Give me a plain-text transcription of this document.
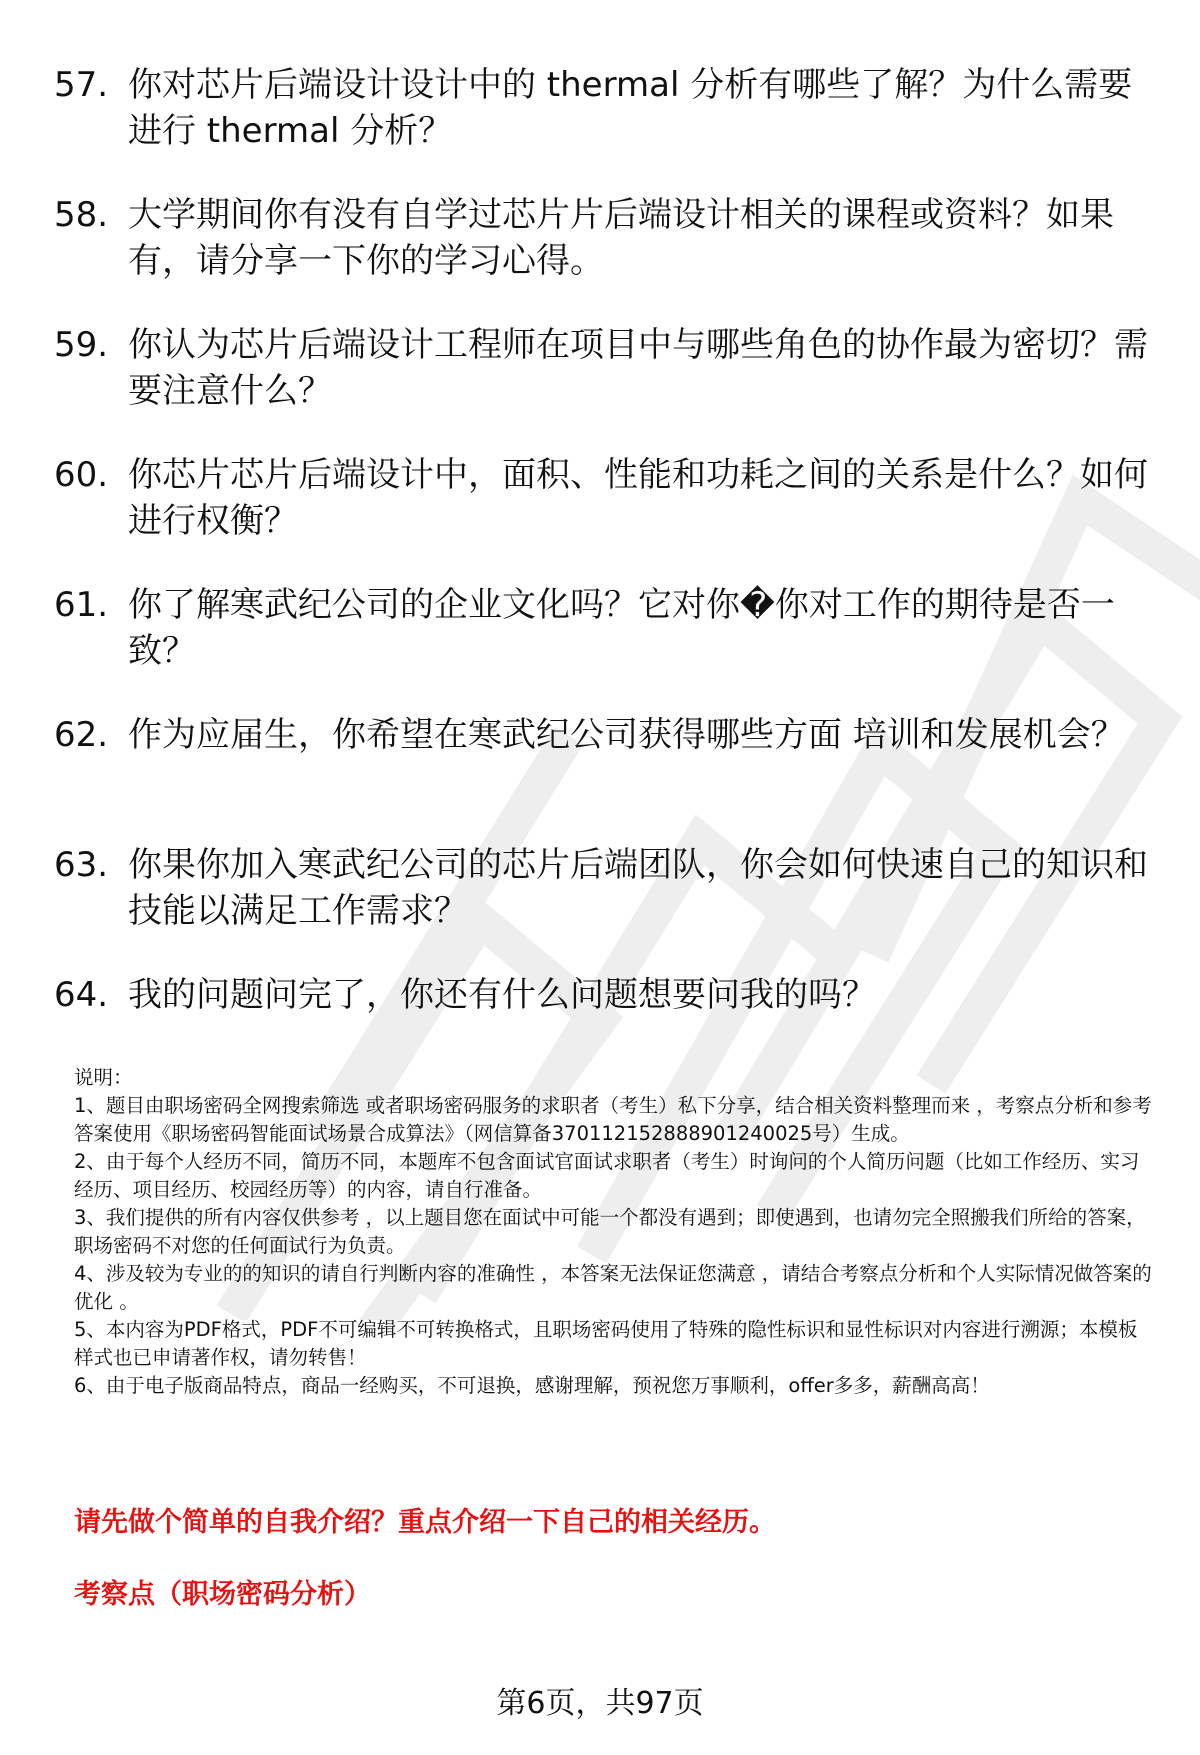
57. 你对芯片后端设计设计中的 thermal 分析有哪些了解？为什么需要进行 thermal 分析？
58. 大学期间你有没有自学过芯片片后端设计相关的课程或资料？如果有，请分享一下你的学习心得。
59. 你认为芯片后端设计工程师在项目中与哪些角色的协作最为密切？需要注意什么？
60. 你芯片芯片后端设计中，面积、性能和功耗之间的关系是什么？如何进行权衡？
61. 你了解寒武纪公司的企业文化吗？它对你�你对工作的期待是否一致？
62. 作为应届生，你希望在寒武纪公司获得哪些方面 培训和发展机会？
63. 你果你加入寒武纪公司的芯片后端团队，你会如何快速自己的知识和技能以满足工作需求？
64. 我的问题问完了，你还有什么问题想要问我的吗？

说明：

1、题目由职场密码全网搜索筛选 或者职场密码服务的求职者（考生）私下分享，结合相关资料整理而来 ，考察点分析和参考答案使用《职场密码智能面试场景合成算法》（网信算备370112152888901240025号）生成。

2、由于每个人经历不同，简历不同，本题库不包含面试官面试求职者（考生）时询问的个人简历问题（比如工作经历、实习经历、项目经历、校园经历等）的内容，请自行准备。

3、我们提供的所有内容仅供参考 ，以上题目您在面试中可能一个都没有遇到；即使遇到，也请勿完全照搬我们所给的答案，职场密码不对您的任何面试行为负责。

4、涉及较为专业的的知识的请自行判断内容的准确性 ，本答案无法保证您满意 ，请结合考察点分析和个人实际情况做答案的优化 。

5、本内容为PDF格式，PDF不可编辑不可转换格式，且职场密码使用了特殊的隐性标识和显性标识对内容进行溯源；本模板样式也已申请著作权，请勿转售！

6、由于电子版商品特点，商品一经购买，不可退换，感谢理解，预祝您万事顺利，offer多多，薪酬高高！

请先做个简单的自我介绍？重点介绍一下自己的相关经历。
考察点（职场密码分析）
第6页，共97页
